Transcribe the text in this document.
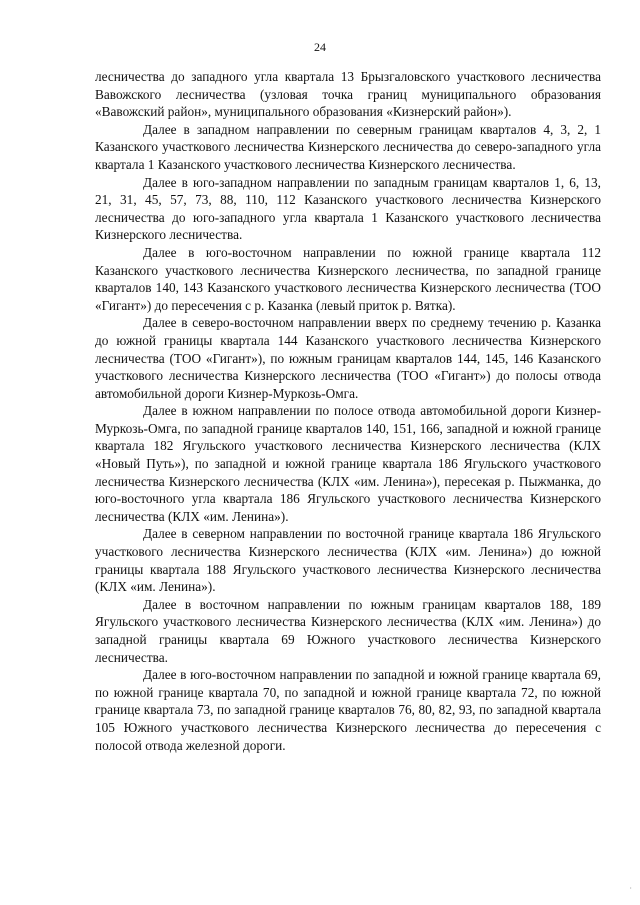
24

лесничества до западного угла квартала 13 Брызгаловского участкового лесничества Вавожского лесничества (узловая точка границ муниципального образования «Вавожский район», муниципального образования «Кизнерский район»).

Далее в западном направлении по северным границам кварталов 4, 3, 2, 1 Казанского участкового лесничества Кизнерского лесничества до северо-западного угла квартала 1 Казанского участкового лесничества Кизнерского лесничества.

Далее в юго-западном направлении по западным границам кварталов 1, 6, 13, 21, 31, 45, 57, 73, 88, 110, 112 Казанского участкового лесничества Кизнерского лесничества до юго-западного угла квартала 1 Казанского участкового лесничества Кизнерского лесничества.

Далее в юго-восточном направлении по южной границе квартала 112 Казанского участкового лесничества Кизнерского лесничества, по западной границе кварталов 140, 143 Казанского участкового лесничества Кизнерского лесничества (ТОО «Гигант») до пересечения с р. Казанка (левый приток р. Вятка).

Далее в северо-восточном направлении вверх по среднему течению р. Казанка до южной границы квартала 144 Казанского участкового лесничества Кизнерского лесничества (ТОО «Гигант»), по южным границам кварталов 144, 145, 146 Казанского участкового лесничества Кизнерского лесничества (ТОО «Гигант») до полосы отвода автомобильной дороги Кизнер-Муркозь-Омга.

Далее в южном направлении по полосе отвода автомобильной дороги Кизнер-Муркозь-Омга, по западной границе кварталов 140, 151, 166, западной и южной границе квартала 182 Ягульского участкового лесничества Кизнерского лесничества (КЛХ «Новый Путь»), по западной и южной границе квартала 186 Ягульского участкового лесничества Кизнерского лесничества (КЛХ «им. Ленина»), пересекая р. Пыжманка, до юго-восточного угла квартала 186 Ягульского участкового лесничества Кизнерского лесничества (КЛХ «им. Ленина»).

Далее в северном направлении по восточной границе квартала 186 Ягульского участкового лесничества Кизнерского лесничества (КЛХ «им. Ленина») до южной границы квартала 188 Ягульского участкового лесничества Кизнерского лесничества (КЛХ «им. Ленина»).

Далее в восточном направлении по южным границам кварталов 188, 189 Ягульского участкового лесничества Кизнерского лесничества (КЛХ «им. Ленина») до западной границы квартала 69 Южного участкового лесничества Кизнерского лесничества.

Далее в юго-восточном направлении по западной и южной границе квартала 69, по южной границе квартала 70, по западной и южной границе квартала 72, по южной границе квартала 73, по западной границе кварталов 76, 80, 82, 93, по западной квартала 105 Южного участкового лесничества Кизнерского лесничества до пересечения с полосой отвода железной дороги.

·
